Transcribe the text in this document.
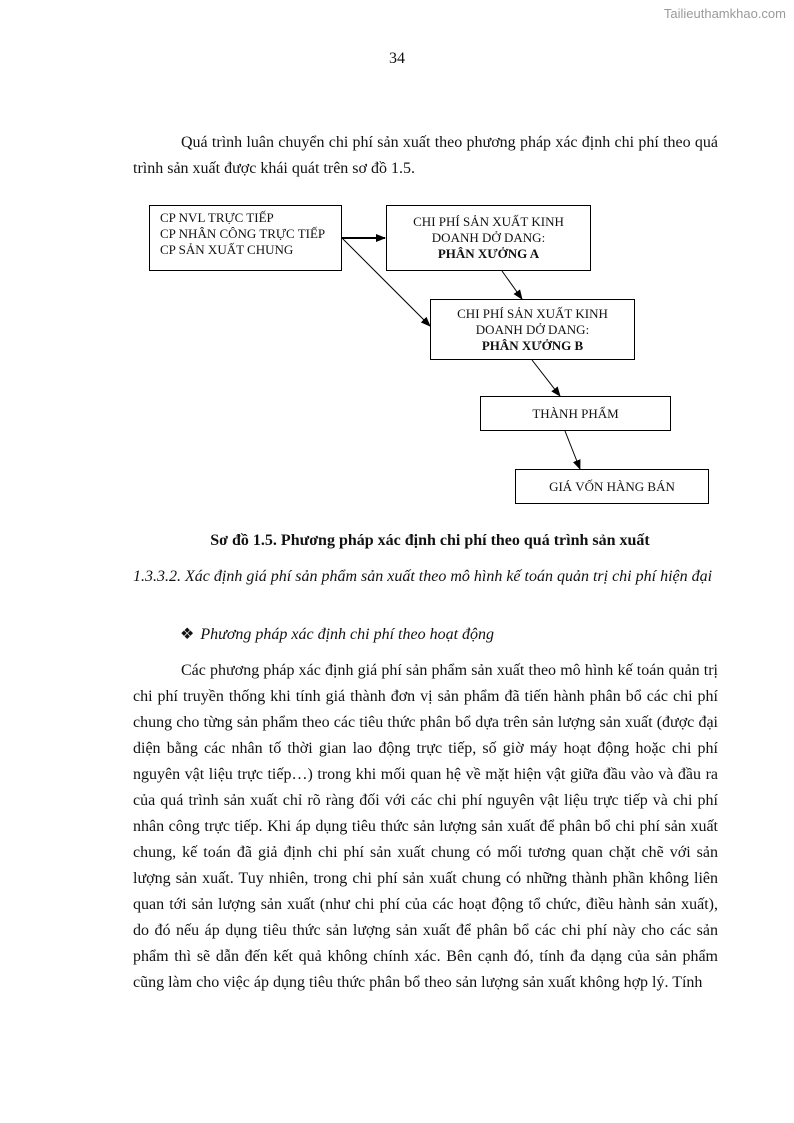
Tailieuthamkhao.com
34

Quá trình luân chuyển chi phí sản xuất theo phương pháp xác định chi phí theo quá trình sản xuất được khái quát trên sơ đồ 1.5.

CP NVL TRỰC TIẾP
CP NHÂN CÔNG TRỰC TIẾP
CP SẢN XUẤT CHUNG
CHI PHÍ SẢN XUẤT KINH
DOANH DỞ DANG:
PHÂN XƯỞNG A
CHI PHÍ SẢN XUẤT KINH
DOANH DỞ DANG:
PHÂN XƯỞNG B
THÀNH PHẨM
GIÁ VỐN HÀNG BÁN
Sơ đồ 1.5. Phương pháp xác định chi phí theo quá trình sản xuất
1.3.3.2. Xác định giá phí sản phẩm sản xuất theo mô hình kế toán quản trị chi phí hiện đại
❖ Phương pháp xác định chi phí theo hoạt động

Các phương pháp xác định giá phí sản phẩm sản xuất theo mô hình kế toán quản trị chi phí truyền thống khi tính giá thành đơn vị sản phẩm đã tiến hành phân bổ các chi phí chung cho từng sản phẩm theo các tiêu thức phân bổ dựa trên sản lượng sản xuất (được đại diện bằng các nhân tố thời gian lao động trực tiếp, số giờ máy hoạt động hoặc chi phí nguyên vật liệu trực tiếp…) trong khi mối quan hệ về mặt hiện vật giữa đầu vào và đầu ra của quá trình sản xuất chỉ rõ ràng đối với các chi phí nguyên vật liệu trực tiếp và chi phí nhân công trực tiếp. Khi áp dụng tiêu thức sản lượng sản xuất để phân bổ chi phí sản xuất chung, kế toán đã giả định chi phí sản xuất chung có mối tương quan chặt chẽ với sản lượng sản xuất. Tuy nhiên, trong chi phí sản xuất chung có những thành phần không liên quan tới sản lượng sản xuất (như chi phí của các hoạt động tổ chức, điều hành sản xuất), do đó nếu áp dụng tiêu thức sản lượng sản xuất để phân bổ các chi phí này cho các sản phẩm thì sẽ dẫn đến kết quả không chính xác. Bên cạnh đó, tính đa dạng của sản phẩm cũng làm cho việc áp dụng tiêu thức phân bổ theo sản lượng sản xuất không hợp lý. Tính
